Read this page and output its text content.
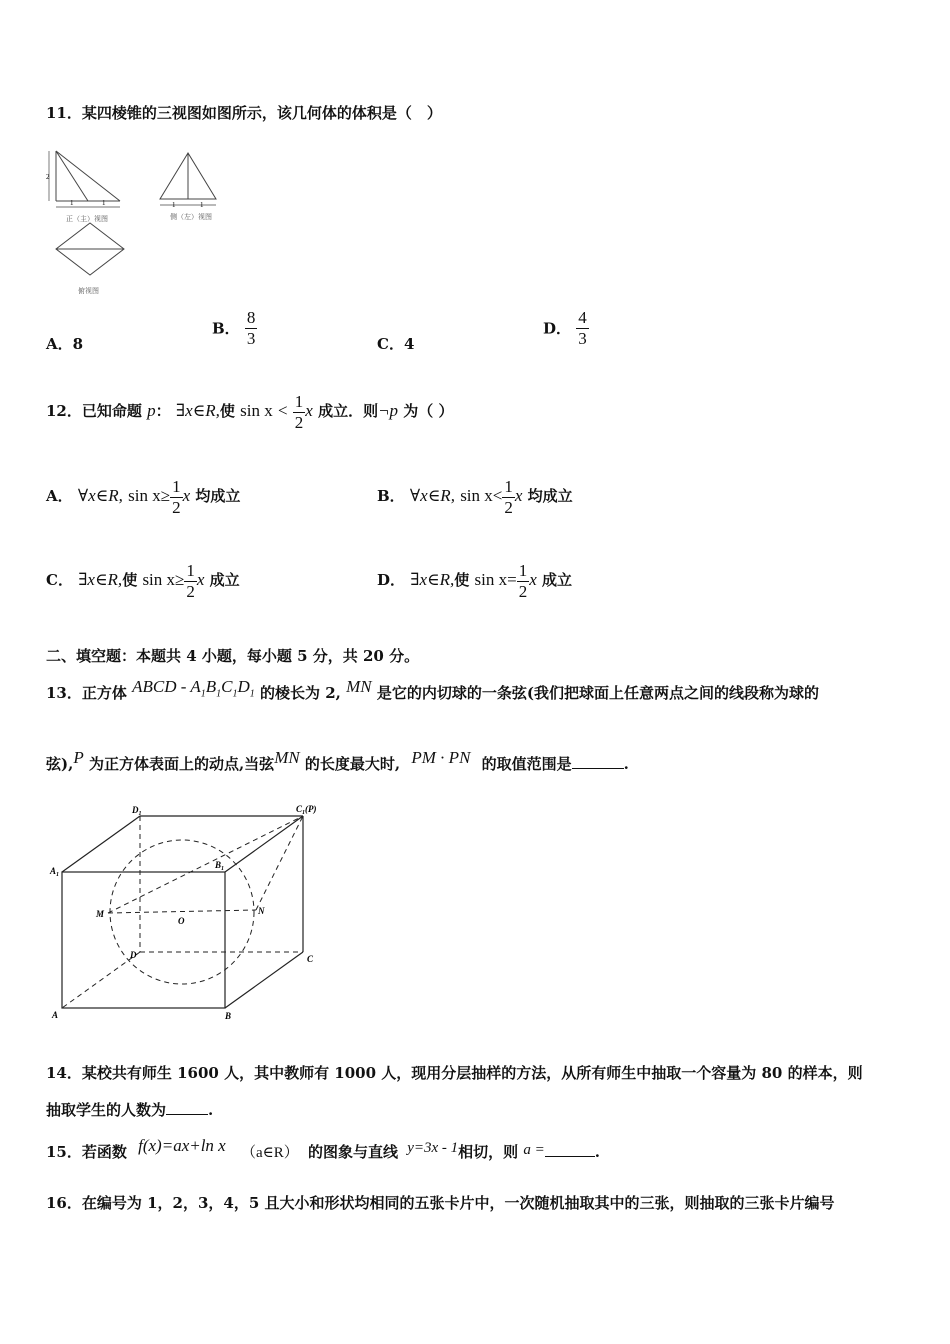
11．某四棱锥的三视图如图所示，该几何体的体积是（　）
2
1	1
正（主）视图
1	1
侧（左）视图
俯视图
A．8
B． $\frac{8}{3}$	C．4
D． $\frac{4}{3}$
12．已知命题 p： ∃x∈R,使 $\sin x < \frac{1}{2}$ x 成立．则¬p 为（ ）
A． ∀x∈R, $\sin x\ge \frac{1}{2}$ x 均成立	B． ∀x∈R, $\sin x< \frac{1}{2}$ x 均成立
C． ∃x∈R,使 $\sin x\ge \frac{1}{2}$ x 成立	D． ∃x∈R,使 $\sin x= \frac{1}{2}$ x 成立
二、填空题：本题共 4 小题，每小题 5 分，共 20 分。
13．正方体 ABCD - $A_1B_1C_1D_1$ 的棱长为 2, MN 是它的内切球的一条弦(我们把球面上任意两点之间的线段称为球的
弦),P 为正方体表面上的动点,当弦MN 的长度最大时, PM · PN 的取值范围是	.
$D_1$	$C_1(P)$
$A_1$
$B_1$
M
O
N
D	C
A	B
14．某校共有师生 1600 人，其中教师有 1000 人，现用分层抽样的方法，从所有师生中抽取一个容量为 80 的样本，则
抽取学生的人数为	.
15．若函数 f(x)=ax+ln x （a∈R） 的图象与直线 y=3x - 1相切，则 a =	.
16．在编号为 1，2，3，4，5 且大小和形状均相同的五张卡片中，一次随机抽取其中的三张，则抽取的三张卡片编号
